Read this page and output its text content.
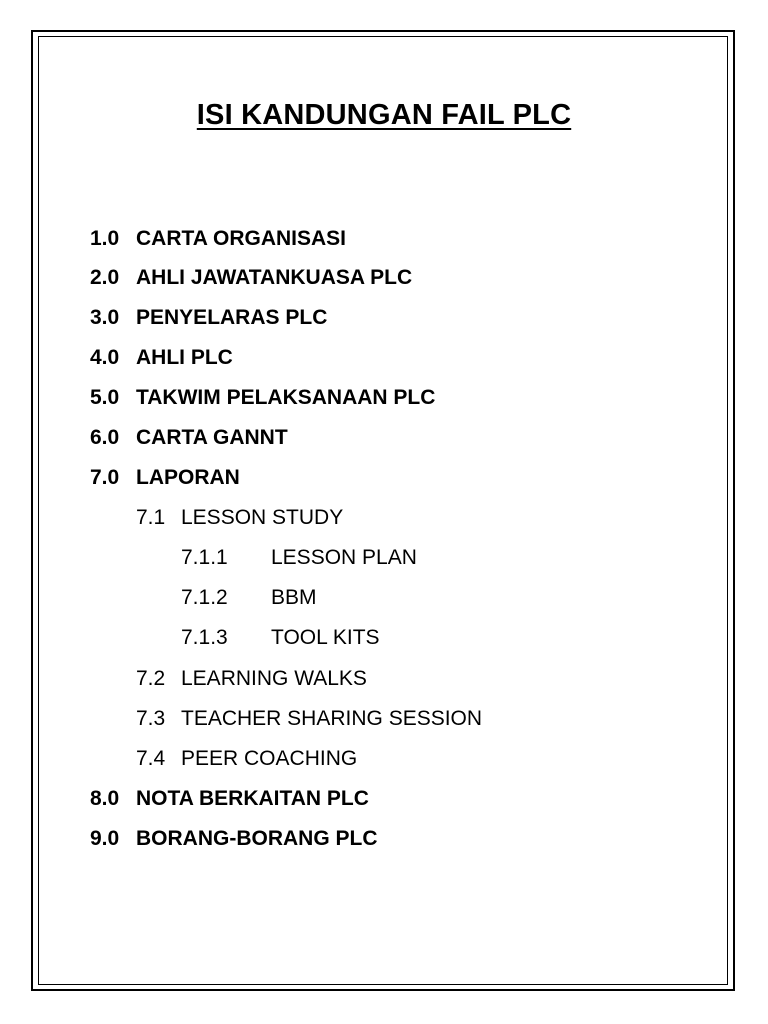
ISI KANDUNGAN FAIL PLC
1.0 CARTA ORGANISASI
2.0 AHLI JAWATANKUASA PLC
3.0 PENYELARAS PLC
4.0 AHLI PLC
5.0 TAKWIM PELAKSANAAN PLC
6.0 CARTA GANNT
7.0 LAPORAN
7.1 LESSON STUDY
7.1.1 LESSON PLAN
7.1.2 BBM
7.1.3 TOOL KITS
7.2 LEARNING WALKS
7.3 TEACHER SHARING SESSION
7.4 PEER COACHING
8.0 NOTA BERKAITAN PLC
9.0 BORANG-BORANG PLC
